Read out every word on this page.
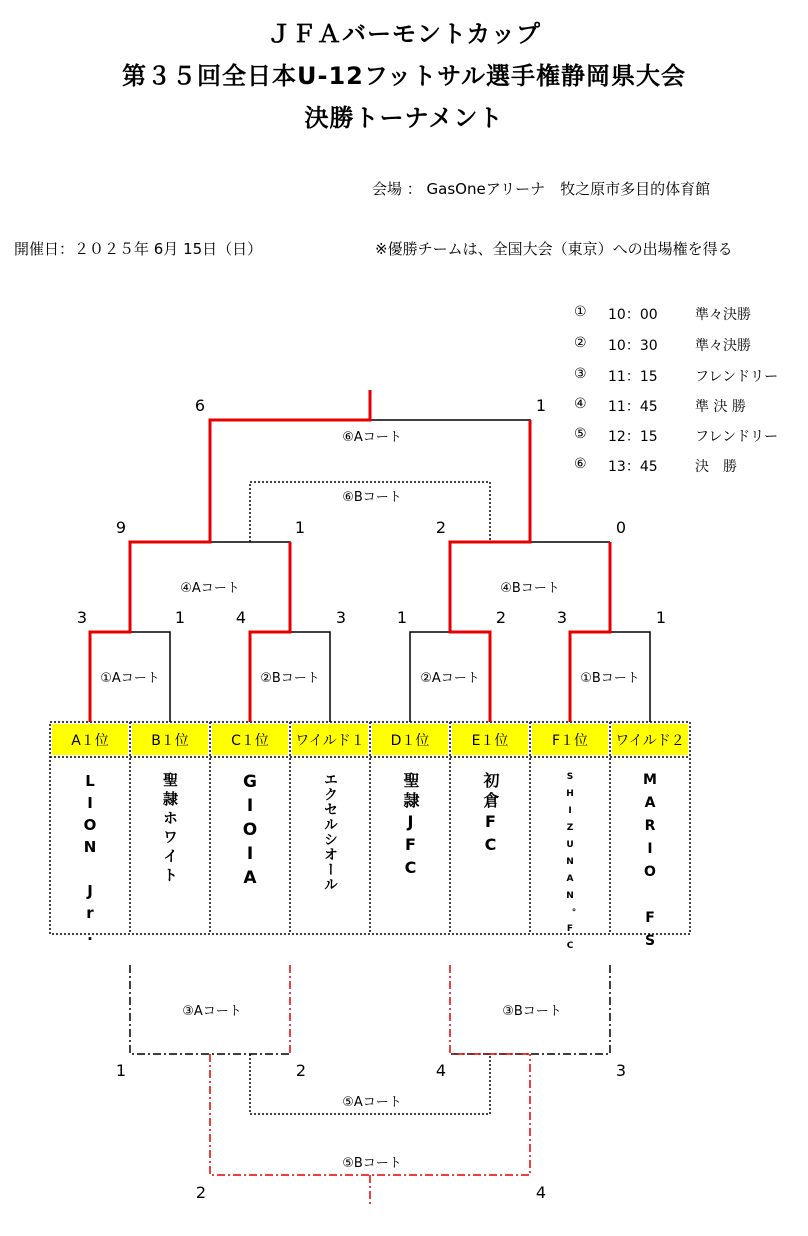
ＪＦＡバーモントカップ
第３５回全日本U-12フットサル選手権静岡県大会
決勝トーナメント
会場 ： GasOneアリーナ　牧之原市多目的体育館
開催日：２０２５年 6月 15日（日）	※優勝チームは、全国大会（東京）への出場権を得る
① 10：00	準々決勝
② 10：30	準々決勝
③ 11：15	フレンドリー
④ 11：45	準 決 勝
⑤ 12：15	フレンドリー
⑥ 13：45	決　勝
A１位	B１位	C１位 ワイルド１ D１位	E１位	F１位 ワイルド２
①Aコート	②Bコート	②Aコート	①Bコート
④Aコート	④Bコート
⑥Aコート
⑥Bコート
③Aコート	③Bコート
⑤Aコート
⑤Bコート
3	1	4	3	1	2	3	1
9	1	2	0
6	1
1	2	4	3
2	4
LION Jr.	聖隷ホワイト	GIOIA	エクセルシオール	聖隷JFC	初倉FC	SHIZUNAN。FC	MARIO FS
